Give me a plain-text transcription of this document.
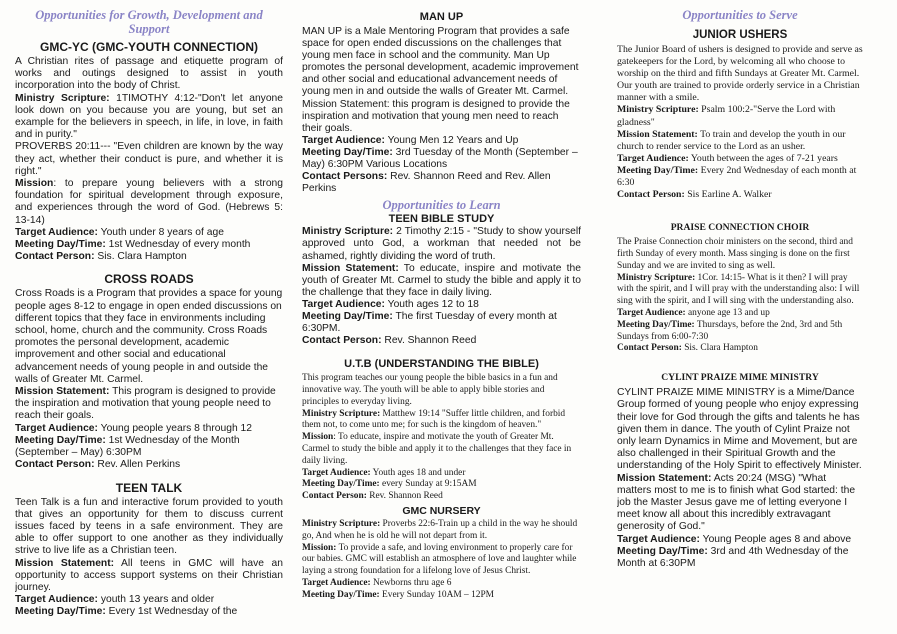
Opportunities for Growth, Development and Support
GMC-YC (GMC-YOUTH CONNECTION)

A Christian rites of passage and etiquette program of works and outings designed to assist in youth incorporation into the body of Christ.

Ministry Scripture: 1TIMOTHY 4:12-"Don't let anyone look down on you because you are young, but set an example for the believers in speech, in life, in love, in faith and in purity."

PROVERBS 20:11--- "Even children are known by the way they act, whether their conduct is pure, and whether it is right."

Mission: to prepare young believers with a strong foundation for spiritual development through exposure, and experiences through the word of God. (Hebrews 5: 13-14)

Target Audience: Youth under 8 years of age

Meeting Day/Time: 1st Wednesday of every month

Contact Person: Sis. Clara Hampton

CROSS ROADS

Cross Roads is a Program that provides a space for young people ages 8-12 to engage in open ended discussions on different topics that they face in environments including school, home, church and the community. Cross Roads promotes the personal development, academic improvement and other social and educational advancement needs of young people in and outside the walls of Greater Mt. Carmel.

Mission Statement: This program is designed to provide the inspiration and motivation that young people need to reach their goals.

Target Audience: Young people years 8 through 12

Meeting Day/Time: 1st Wednesday of the Month (September – May) 6:30PM

Contact Person: Rev. Allen Perkins

TEEN TALK

Teen Talk is a fun and interactive forum provided to youth that gives an opportunity for them to discuss current issues faced by teens in a safe environment. They are able to offer support to one another as they individually strive to live life as a Christian teen.

Mission Statement: All teens in GMC will have an opportunity to access support systems on their Christian journey.

Target Audience: youth 13 years and older

Meeting Day/Time: Every 1st Wednesday of the

MAN UP

MAN UP is a Male Mentoring Program that provides a safe space for open ended discussions on the challenges that young men face in school and the community. Man Up promotes the personal development, academic improvement and other social and educational advancement needs of young men in and outside the walls of Greater Mt. Carmel.

Mission Statement: this program is designed to provide the inspiration and motivation that young men need to reach their goals.

Target Audience: Young Men 12 Years and Up

Meeting Day/Time: 3rd Tuesday of the Month (September – May) 6:30PM Various Locations

Contact Persons: Rev. Shannon Reed and Rev. Allen Perkins

Opportunities to Learn
TEEN BIBLE STUDY

Ministry Scripture: 2 Timothy 2:15 - "Study to show yourself approved unto God, a workman that needed not be ashamed, rightly dividing the word of truth.

Mission Statement: To educate, inspire and motivate the youth of Greater Mt. Carmel to study the bible and apply it to the challenge that they face in daily living.

Target Audience: Youth ages 12 to 18

Meeting Day/Time: The first Tuesday of every month at 6:30PM.

Contact Person: Rev. Shannon Reed

U.T.B (UNDERSTANDING THE BIBLE)

This program teaches our young people the bible basics in a fun and innovative way. The youth will be able to apply bible stories and principles to everyday living.

Ministry Scripture: Matthew 19:14 "Suffer little children, and forbid them not, to come unto me; for such is the kingdom of heaven."

Mission: To educate, inspire and motivate the youth of Greater Mt. Carmel to study the bible and apply it to the challenges that they face in daily living.

Target Audience: Youth ages 18 and under

Meeting Day/Time: every Sunday at 9:15AM

Contact Person: Rev. Shannon Reed

GMC NURSERY

Ministry Scripture: Proverbs 22:6-Train up a child in the way he should go, And when he is old he will not depart from it.

Mission: To provide a safe, and loving environment to properly care for our babies. GMC will establish an atmosphere of love and laughter while laying a strong foundation for a lifelong love of Jesus Christ.

Target Audience: Newborns thru age 6

Meeting Day/Time: Every Sunday 10AM – 12PM

Opportunities to Serve
JUNIOR USHERS

The Junior Board of ushers is designed to provide and serve as gatekeepers for the Lord, by welcoming all who choose to worship on the third and fifth Sundays at Greater Mt. Carmel. Our youth are trained to provide orderly service in a Christian manner with a smile.

Ministry Scripture: Psalm 100:2-"Serve the Lord with gladness"

Mission Statement: To train and develop the youth in our church to render service to the Lord as an usher.

Target Audience: Youth between the ages of 7-21 years

Meeting Day/Time: Every 2nd Wednesday of each month at 6:30

Contact Person: Sis Earline A. Walker

PRAISE CONNECTION CHOIR

The Praise Connection choir ministers on the second, third and firth Sunday of every month. Mass singing is done on the first Sunday and we are invited to sing as well.

Ministry Scripture: 1Cor. 14:15- What is it then? I will pray with the spirit, and I will pray with the understanding also: I will sing with the spirit, and I will sing with the understanding also.

Target Audience: anyone age 13 and up

Meeting Day/Time: Thursdays, before the 2nd, 3rd and 5th Sundays from 6:00-7:30

Contact Person: Sis. Clara Hampton

CYLINT PRAIZE MIME MINISTRY

CYLINT PRAIZE MIME MINISTRY is a Mime/Dance Group formed of young people who enjoy expressing their love for God through the gifts and talents he has given them in dance. The youth of Cylint Praize not only learn Dynamics in Mime and Movement, but are also challenged in their Spiritual Growth and the understanding of the Holy Spirit to effectively Minister.

Mission Statement: Acts 20:24 (MSG) "What matters most to me is to finish what God started: the job the Master Jesus gave me of letting everyone I meet know all about this incredibly extravagant generosity of God."

Target Audience: Young People ages 8 and above

Meeting Day/Time: 3rd and 4th Wednesday of the Month at 6:30PM
